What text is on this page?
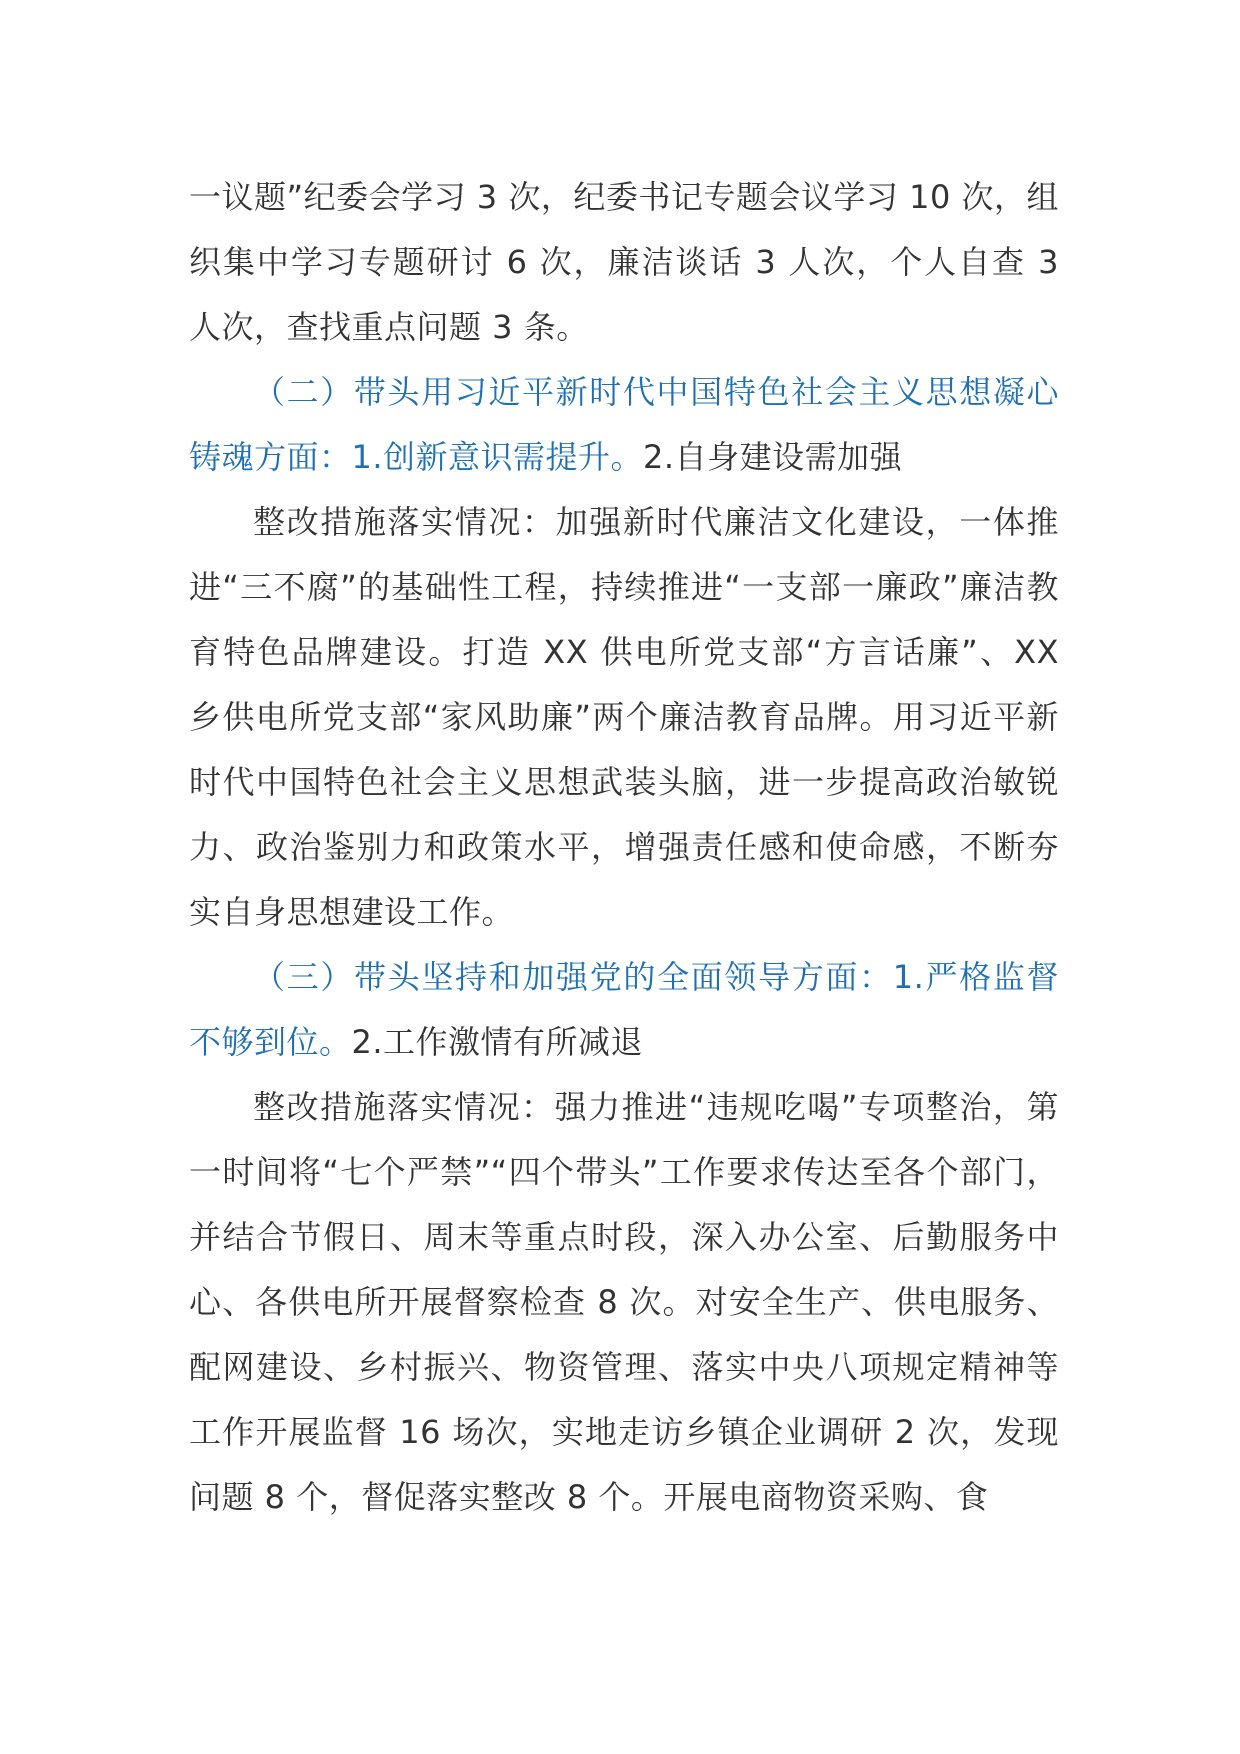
一议题”纪委会学习 3 次，纪委书记专题会议学习 10 次，组织集中学习专题研讨 6 次，廉洁谈话 3 人次，个人自查 3 人次，查找重点问题 3 条。

（二）带头用习近平新时代中国特色社会主义思想凝心铸魂方面：1.创新意识需提升。2.自身建设需加强

整改措施落实情况：加强新时代廉洁文化建设，一体推进“三不腐”的基础性工程，持续推进“一支部一廉政”廉洁教育特色品牌建设。打造 XX 供电所党支部“方言话廉”、XX 乡供电所党支部“家风助廉”两个廉洁教育品牌。用习近平新时代中国特色社会主义思想武装头脑，进一步提高政治敏锐力、政治鉴别力和政策水平，增强责任感和使命感，不断夯实自身思想建设工作。

（三）带头坚持和加强党的全面领导方面：1.严格监督不够到位。2.工作激情有所减退

整改措施落实情况：强力推进“违规吃喝”专项整治，第一时间将“七个严禁”“四个带头”工作要求传达至各个部门，并结合节假日、周末等重点时段，深入办公室、后勤服务中心、各供电所开展督察检查 8 次。对安全生产、供电服务、配网建设、乡村振兴、物资管理、落实中央八项规定精神等工作开展监督 16 场次，实地走访乡镇企业调研 2 次，发现问题 8 个，督促落实整改 8 个。开展电商物资采购、食
